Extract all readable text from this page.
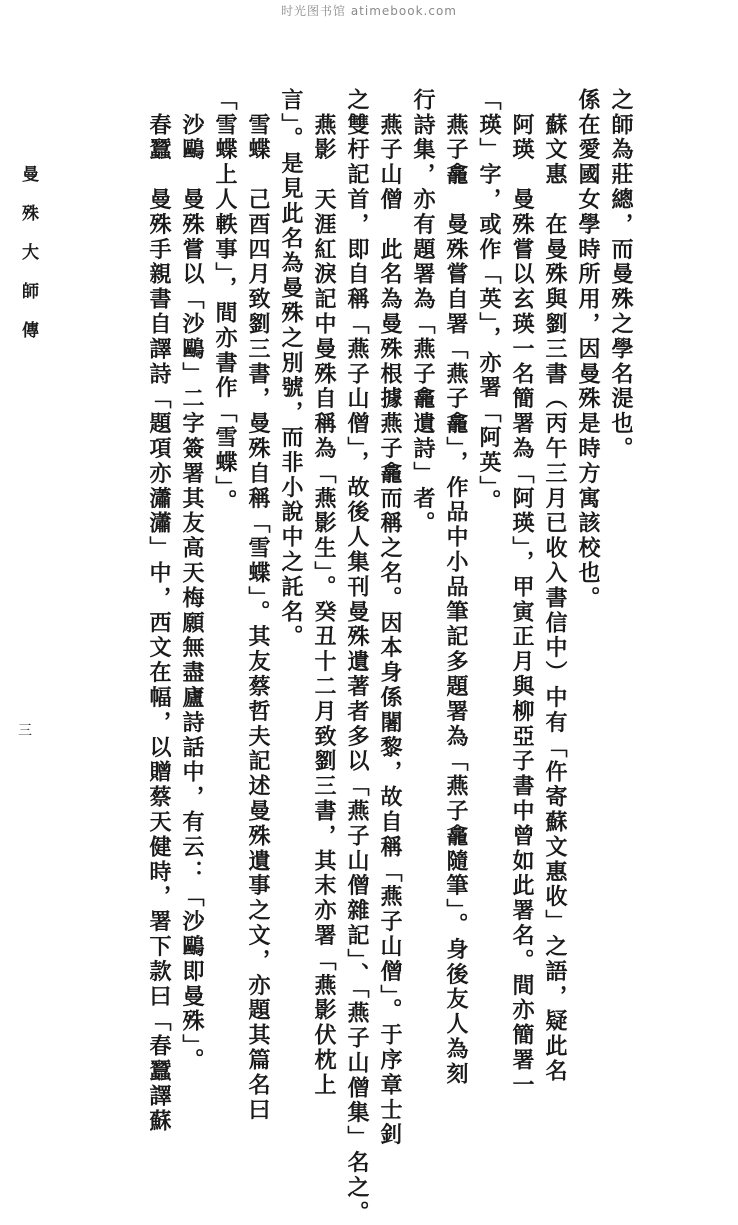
时光图书馆 atimebook.com
曼殊大師傳
三
之師為莊總，而曼殊之學名湜也。
係在愛國女學時所用，因曼殊是時方寓該校也。
　蘇文惠　在曼殊與劉三書（丙午三月已收入書信中）中有「仵寄蘇文惠收」之語，疑此名
　阿瑛　曼殊嘗以玄瑛一名簡署為「阿瑛」，甲寅正月與柳亞子書中曾如此署名。間亦簡署一
「瑛」字，或作「英」，亦署「阿英」。
　燕子龕　曼殊嘗自署「燕子龕」，作品中小品筆記多題署為「燕子龕隨筆」。身後友人為刻
行詩集，亦有題署為「燕子龕遺詩」者。
　燕子山僧　此名為曼殊根據燕子龕而稱之名。因本身係闍黎，故自稱「燕子山僧」。于序章士釗
之雙杅記首，即自稱「燕子山僧」，故後人集刊曼殊遺著者多以「燕子山僧雜記」、「燕子山僧集」名之。
　燕影　天涯紅淚記中曼殊自稱為「燕影生」。癸丑十二月致劉三書，其末亦署「燕影伏枕上
言」。是見此名為曼殊之別號，而非小說中之託名。
　雪蝶　己酉四月致劉三書，曼殊自稱「雪蝶」。其友蔡哲夫記述曼殊遺事之文，亦題其篇名曰
「雪蝶上人軼事」，間亦書作「雪蝶」。
　沙鷗　曼殊嘗以「沙鷗」二字簽署其友高天梅願無盡廬詩話中，有云：「沙鷗即曼殊」。
　春蠶　曼殊手親書自譯詩「題項亦瀟瀟」中，西文在幅，以贈蔡天健時，署下款曰「春蠶譯蘇
